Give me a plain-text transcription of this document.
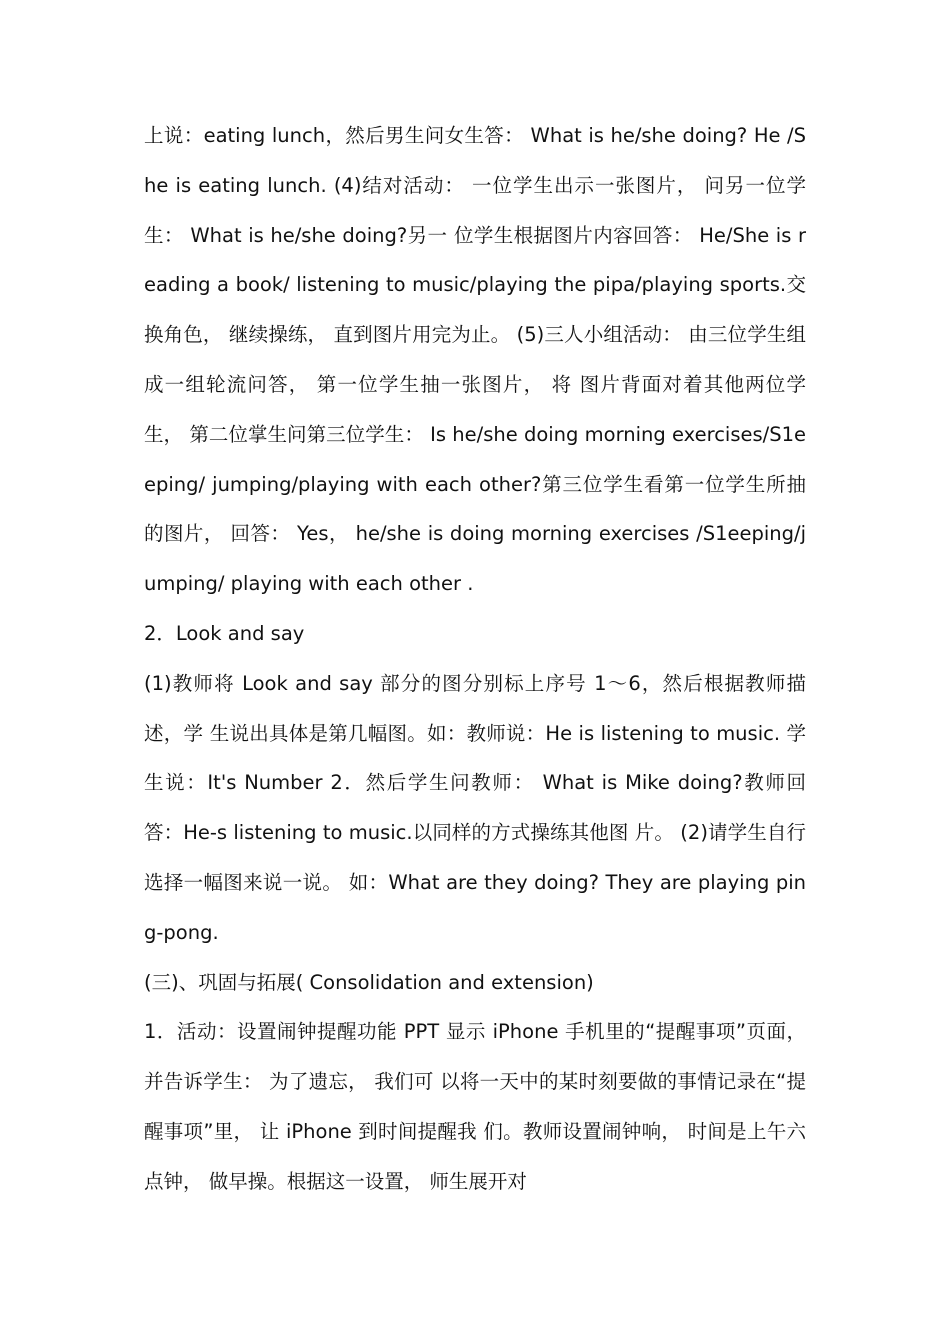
上说：eating lunch，然后男生问女生答： What is he/she doing? He /She is eating lunch. (4)结对活动： 一位学生出示一张图片， 问另一位学生： What is he/she doing?另一 位学生根据图片内容回答： He/She is reading a book/ listening to music/playing the pipa/playing sports.交换角色， 继续操练， 直到图片用完为止。 (5)三人小组活动： 由三位学生组成一组轮流问答， 第一位学生抽一张图片， 将 图片背面对着其他两位学生， 第二位掌生问第三位学生： Is he/she doing morning exercises/S1eeping/ jumping/playing with each other?第三位学生看第一位学生所抽 的图片， 回答： Yes， he/she is doing morning exercises /S1eeping/jumping/ playing with each other .

2．Look and say

(1)教师将 Look and say 部分的图分别标上序号 1～6，然后根据教师描述，学 生说出具体是第几幅图。如：教师说：He is listening to music. 学生说：It's Number 2．然后学生问教师： What is Mike doing?教师回答：He-s listening to music.以同样的方式操练其他图 片。 (2)请学生自行选择一幅图来说一说。 如：What are they doing? They are playing ping-pong.

(三)、巩固与拓展( Consolidation and extension)

1．活动：设置闹钟提醒功能 PPT 显示 iPhone 手机里的“提醒事项”页面， 并告诉学生： 为了遗忘， 我们可 以将一天中的某时刻要做的事情记录在“提醒事项”里， 让 iPhone 到时间提醒我 们。教师设置闹钟响， 时间是上午六点钟， 做早操。根据这一设置， 师生展开对
